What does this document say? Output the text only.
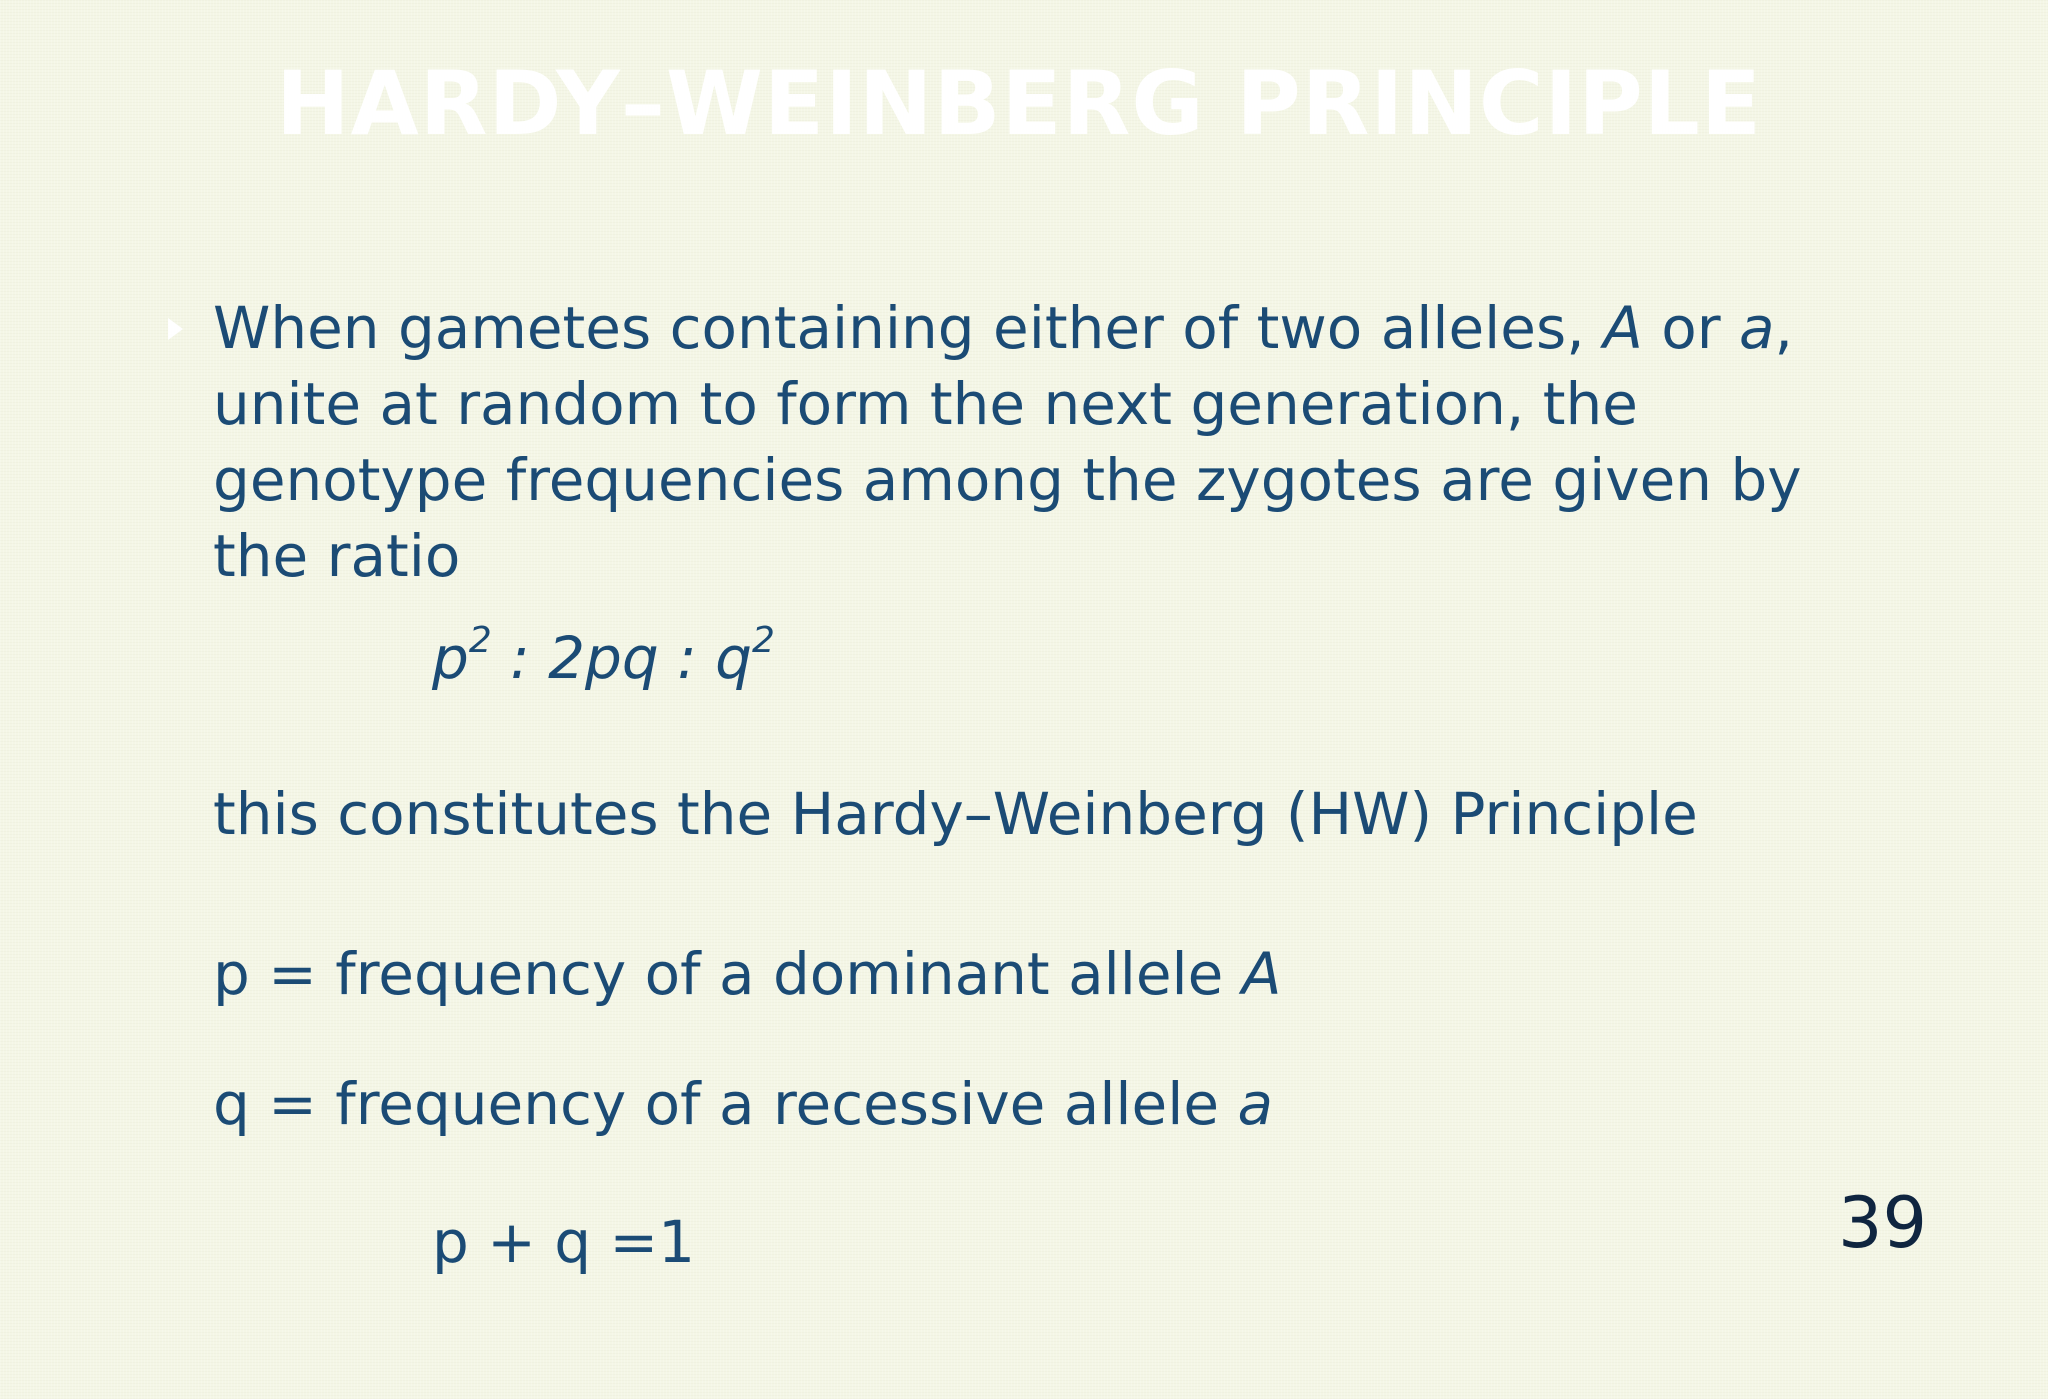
HARDY–WEINBERG PRINCIPLE
When gametes containing either of two alleles, A or a,
unite at random to form the next generation, the
genotype frequencies among the zygotes are given by
the ratio
$p^2$ : 2pq : $q^2$
this constitutes the Hardy–Weinberg (HW) Principle
p = frequency of a dominant allele A
q = frequency of a recessive allele a
p + q =1	39
